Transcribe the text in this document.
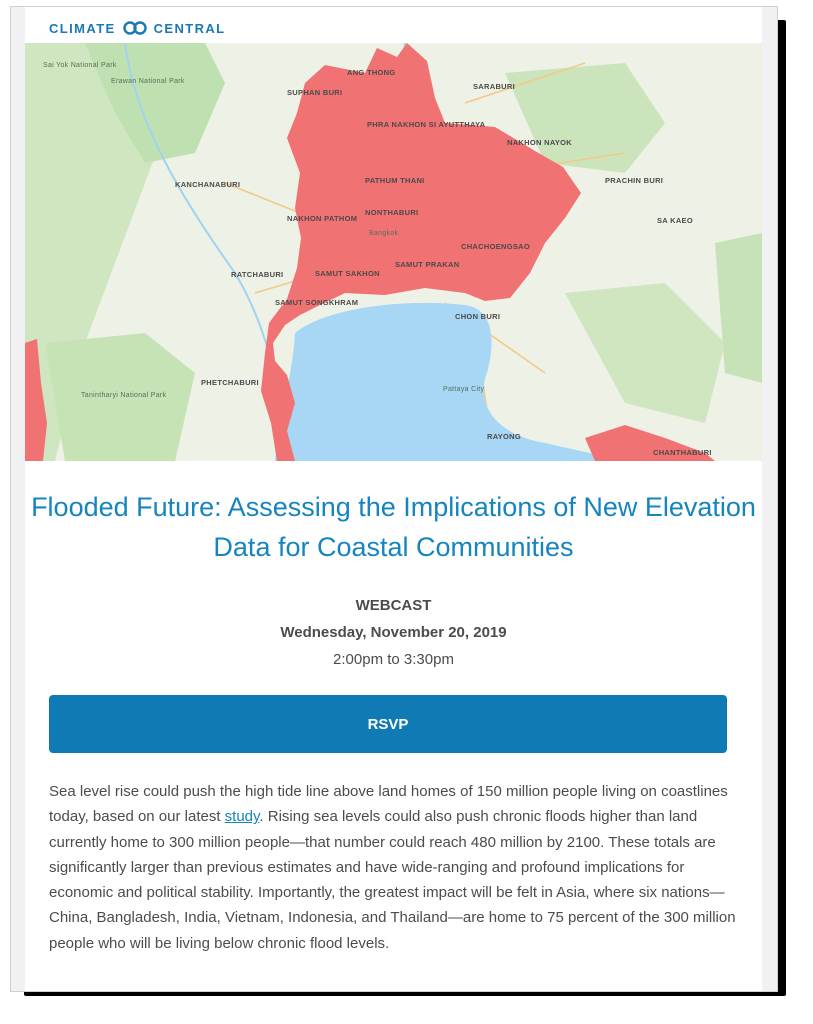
CLIMATE	CENTRAL
ANG THONG
SARABURI
SUPHAN BURI
PHRA NAKHON SI AYUTTHAYA
NAKHON NAYOK
KANCHANABURI	PATHUM THANI	PRACHIN BURI
NONTHABURI
SA KAEO
NAKHON PATHOM
Bangkok
CHACHOENGSAO
SAMUT PRAKAN
RATCHABURI	SAMUT SAKHON
SAMUT SONGKHRAM
CHON BURI
PHETCHABURI
RAYONG
CHANTHABURI
Sai Yok National Park
Erawan National Park
Tanintharyi National Park
Pattaya City
Flooded Future: Assessing the Implications of New Elevation Data for Coastal Communities
WEBCAST
Wednesday, November 20, 2019
2:00pm to 3:30pm
RSVP

Sea level rise could push the high tide line above land homes of 150 million people living on coastlines today, based on our latest study. Rising sea levels could also push chronic floods higher than land currently home to 300 million people—that number could reach 480 million by 2100. These totals are significantly larger than previous estimates and have wide-ranging and profound implications for economic and political stability. Importantly, the greatest impact will be felt in Asia, where six nations—China, Bangladesh, India, Vietnam, Indonesia, and Thailand—are home to 75 percent of the 300 million people who will be living below chronic flood levels.
